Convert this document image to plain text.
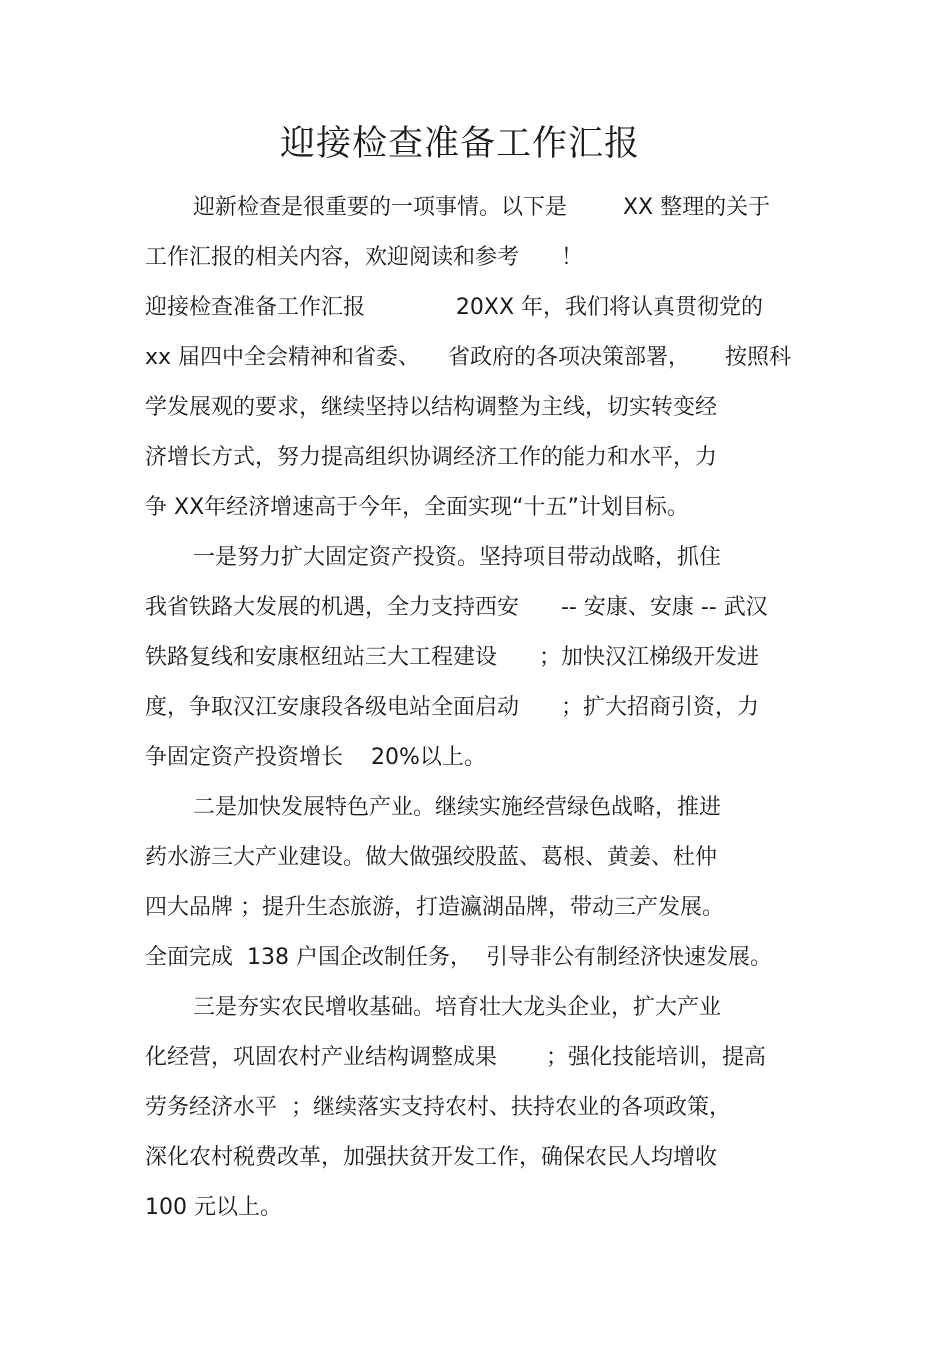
迎接检查准备工作汇报

迎新检查是很重要的一项事情。以下是        XX 整理的关于

工作汇报的相关内容，欢迎阅读和参考      ！

迎接检查准备工作汇报             20XX 年，我们将认真贯彻党的

xx 届四中全会精神和省委、    省政府的各项决策部署，     按照科

学发展观的要求，继续坚持以结构调整为主线，切实转变经

济增长方式，努力提高组织协调经济工作的能力和水平，力

争 XX年经济增速高于今年，全面实现“十五”计划目标。

一是努力扩大固定资产投资。坚持项目带动战略，抓住

我省铁路大发展的机遇，全力支持西安      -- 安康、安康 -- 武汉

铁路复线和安康枢纽站三大工程建设      ；加快汉江梯级开发进

度，争取汉江安康段各级电站全面启动      ；扩大招商引资，力

争固定资产投资增长    20%以上。

二是加快发展特色产业。继续实施经营绿色战略，推进

药水游三大产业建设。做大做强绞股蓝、葛根、黄姜、杜仲

四大品牌 ；提升生态旅游，打造瀛湖品牌，带动三产发展。

全面完成  138 户国企改制任务，  引导非公有制经济快速发展。

三是夯实农民增收基础。培育壮大龙头企业，扩大产业

化经营，巩固农村产业结构调整成果       ；强化技能培训，提高

劳务经济水平  ；继续落实支持农村、扶持农业的各项政策，

深化农村税费改革，加强扶贫开发工作，确保农民人均增收

100 元以上。
